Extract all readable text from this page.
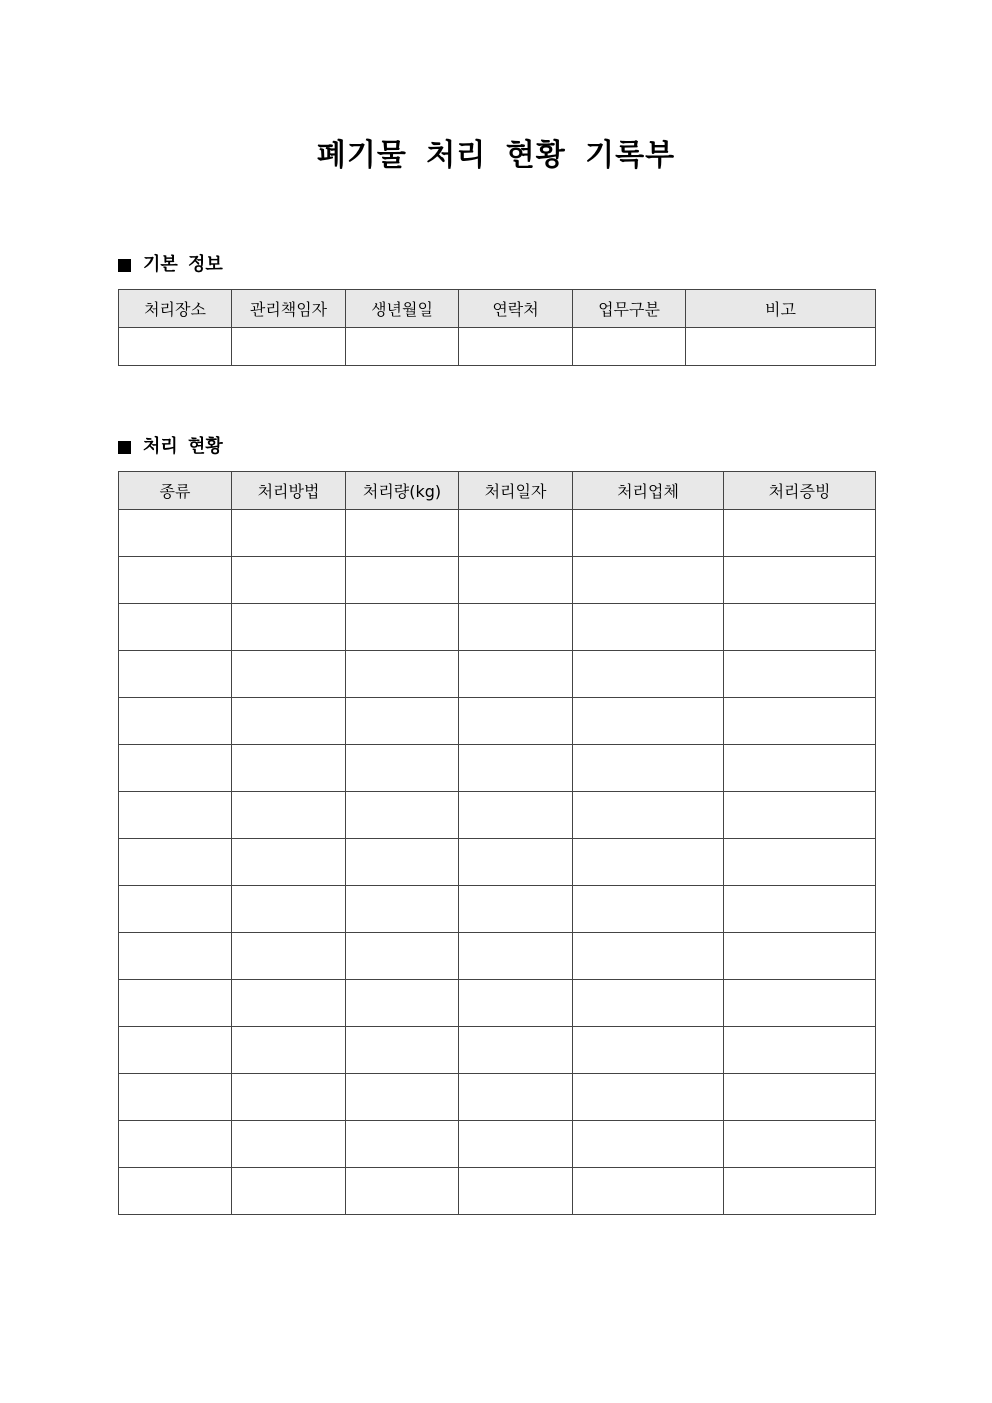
폐기물 처리 현황 기록부
기본 정보
처리장소	관리책임자	생년월일	연락처	업무구분	비고

처리 현황
종류	처리방법	처리량(kg)	처리일자	처리업체	처리증빙
